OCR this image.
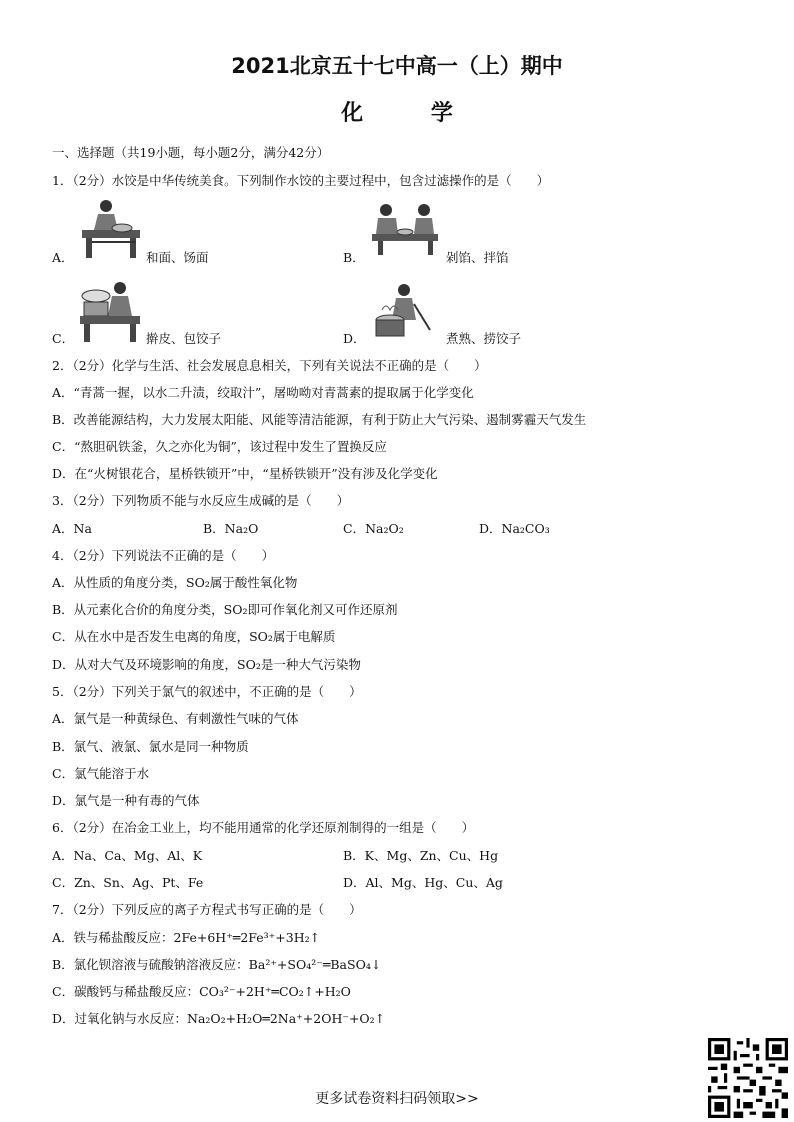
2021北京五十七中高一（上）期中
化 学
一、选择题（共19小题，每小题2分，满分42分）
1．（2分）水饺是中华传统美食。下列制作水饺的主要过程中，包含过滤操作的是（　　）
A．	和面、饧面	B．	剁馅、拌馅
C．	擀皮、包饺子	D．	煮熟、捞饺子
2．（2分）化学与生活、社会发展息息相关，下列有关说法不正确的是（　　）
A．“青蒿一握，以水二升渍，绞取汁”，屠呦呦对青蒿素的提取属于化学变化
B．改善能源结构，大力发展太阳能、风能等清洁能源，有利于防止大气污染、遏制雾霾天气发生
C．“熬胆矾铁釜，久之亦化为铜”，该过程中发生了置换反应
D．在“火树银花合，星桥铁锁开”中，“星桥铁锁开”没有涉及化学变化
3．（2分）下列物质不能与水反应生成碱的是（　　）
A．Na	B．Na₂O	C．Na₂O₂	D．Na₂CO₃
4．（2分）下列说法不正确的是（　　）
A．从性质的角度分类，SO₂属于酸性氧化物
B．从元素化合价的角度分类，SO₂即可作氧化剂又可作还原剂
C．从在水中是否发生电离的角度，SO₂属于电解质
D．从对大气及环境影响的角度，SO₂是一种大气污染物
5．（2分）下列关于氯气的叙述中，不正确的是（　　）
A．氯气是一种黄绿色、有刺激性气味的气体
B．氯气、液氯、氯水是同一种物质
C．氯气能溶于水
D．氯气是一种有毒的气体
6．（2分）在冶金工业上，均不能用通常的化学还原剂制得的一组是（　　）
A．Na、Ca、Mg、Al、K	B．K、Mg、Zn、Cu、Hg
C．Zn、Sn、Ag、Pt、Fe	D．Al、Mg、Hg、Cu、Ag
7．（2分）下列反应的离子方程式书写正确的是（　　）
A．铁与稀盐酸反应：2Fe+6H⁺═2Fe³⁺+3H₂↑
B．氯化钡溶液与硫酸钠溶液反应：Ba²⁺+SO₄²⁻═BaSO₄↓
C．碳酸钙与稀盐酸反应：CO₃²⁻+2H⁺═CO₂↑+H₂O
D．过氧化钠与水反应：Na₂O₂+H₂O═2Na⁺+2OH⁻+O₂↑
更多试卷资料扫码领取>>
